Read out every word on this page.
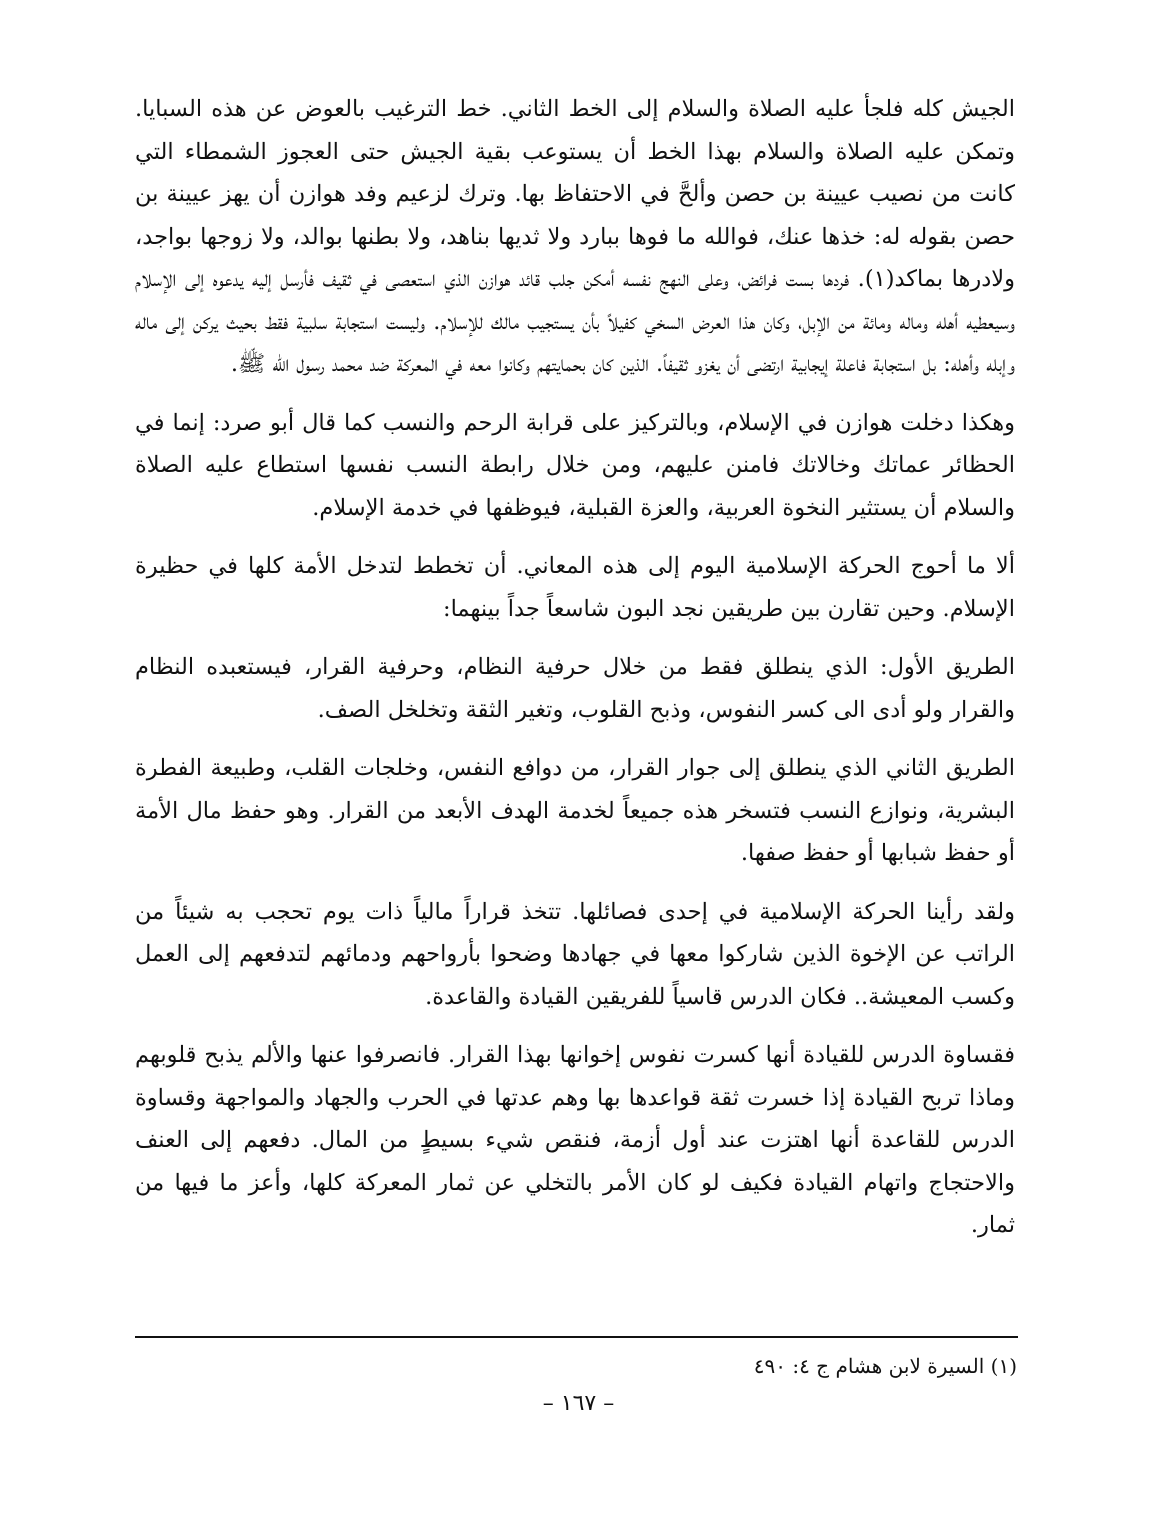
الجيش كله فلجأ عليه الصلاة والسلام إلى الخط الثاني. خط الترغيب بالعوض عن هذه السبايا. وتمكن عليه الصلاة والسلام بهذا الخط أن يستوعب بقية الجيش حتى العجوز الشمطاء التي كانت من نصيب عيينة بن حصن وألحَّ في الاحتفاظ بها. وترك لزعيم وفد هوازن أن يهز عيينة بن حصن بقوله له: خذها عنك، فوالله ما فوها ببارد ولا ثديها بناهد، ولا بطنها بوالد، ولا زوجها بواجد، ولادرها بماكد(١). فردها بست فرائض، وعلى النهج نفسه أمكن جلب قائد هوازن الذي استعصى في ثقيف فأرسل إليه يدعوه إلى الإسلام وسيعطيه أهله وماله ومائة من الإبل، وكان هذا العرض السخي كفيلاً بأن يستجيب مالك للإسلام. وليست استجابة سلبية فقط بحيث يركن إلى ماله وإبله وأهله: بل استجابة فاعلة إيجابية ارتضى أن يغزو ثقيفاً. الذين كان بحمايتهم وكانوا معه في المعركة ضد محمد رسول الله ﷺ.

وهكذا دخلت هوازن في الإسلام، وبالتركيز على قرابة الرحم والنسب كما قال أبو صرد: إنما في الحظائر عماتك وخالاتك فامنن عليهم، ومن خلال رابطة النسب نفسها استطاع عليه الصلاة والسلام أن يستثير النخوة العربية، والعزة القبلية، فيوظفها في خدمة الإسلام.

ألا ما أحوج الحركة الإسلامية اليوم إلى هذه المعاني. أن تخطط لتدخل الأمة كلها في حظيرة الإسلام. وحين تقارن بين طريقين نجد البون شاسعاً جداً بينهما:

الطريق الأول: الذي ينطلق فقط من خلال حرفية النظام، وحرفية القرار، فيستعبده النظام والقرار ولو أدى الى كسر النفوس، وذبح القلوب، وتغير الثقة وتخلخل الصف.

الطريق الثاني الذي ينطلق إلى جوار القرار، من دوافع النفس، وخلجات القلب، وطبيعة الفطرة البشرية، ونوازع النسب فتسخر هذه جميعاً لخدمة الهدف الأبعد من القرار. وهو حفظ مال الأمة أو حفظ شبابها أو حفظ صفها.

ولقد رأينا الحركة الإسلامية في إحدى فصائلها. تتخذ قراراً مالياً ذات يوم تحجب به شيئاً من الراتب عن الإخوة الذين شاركوا معها في جهادها وضحوا بأرواحهم ودمائهم لتدفعهم إلى العمل وكسب المعيشة.. فكان الدرس قاسياً للفريقين القيادة والقاعدة.

فقساوة الدرس للقيادة أنها كسرت نفوس إخوانها بهذا القرار. فانصرفوا عنها والألم يذبح قلوبهم وماذا تربح القيادة إذا خسرت ثقة قواعدها بها وهم عدتها في الحرب والجهاد والمواجهة وقساوة الدرس للقاعدة أنها اهتزت عند أول أزمة، فنقص شيء بسيطٍ من المال. دفعهم إلى العنف والاحتجاج واتهام القيادة فكيف لو كان الأمر بالتخلي عن ثمار المعركة كلها، وأعز ما فيها من ثمار.

(١) السيرة لابن هشام ج ٤: ٤٩٠
– ١٦٧ –
